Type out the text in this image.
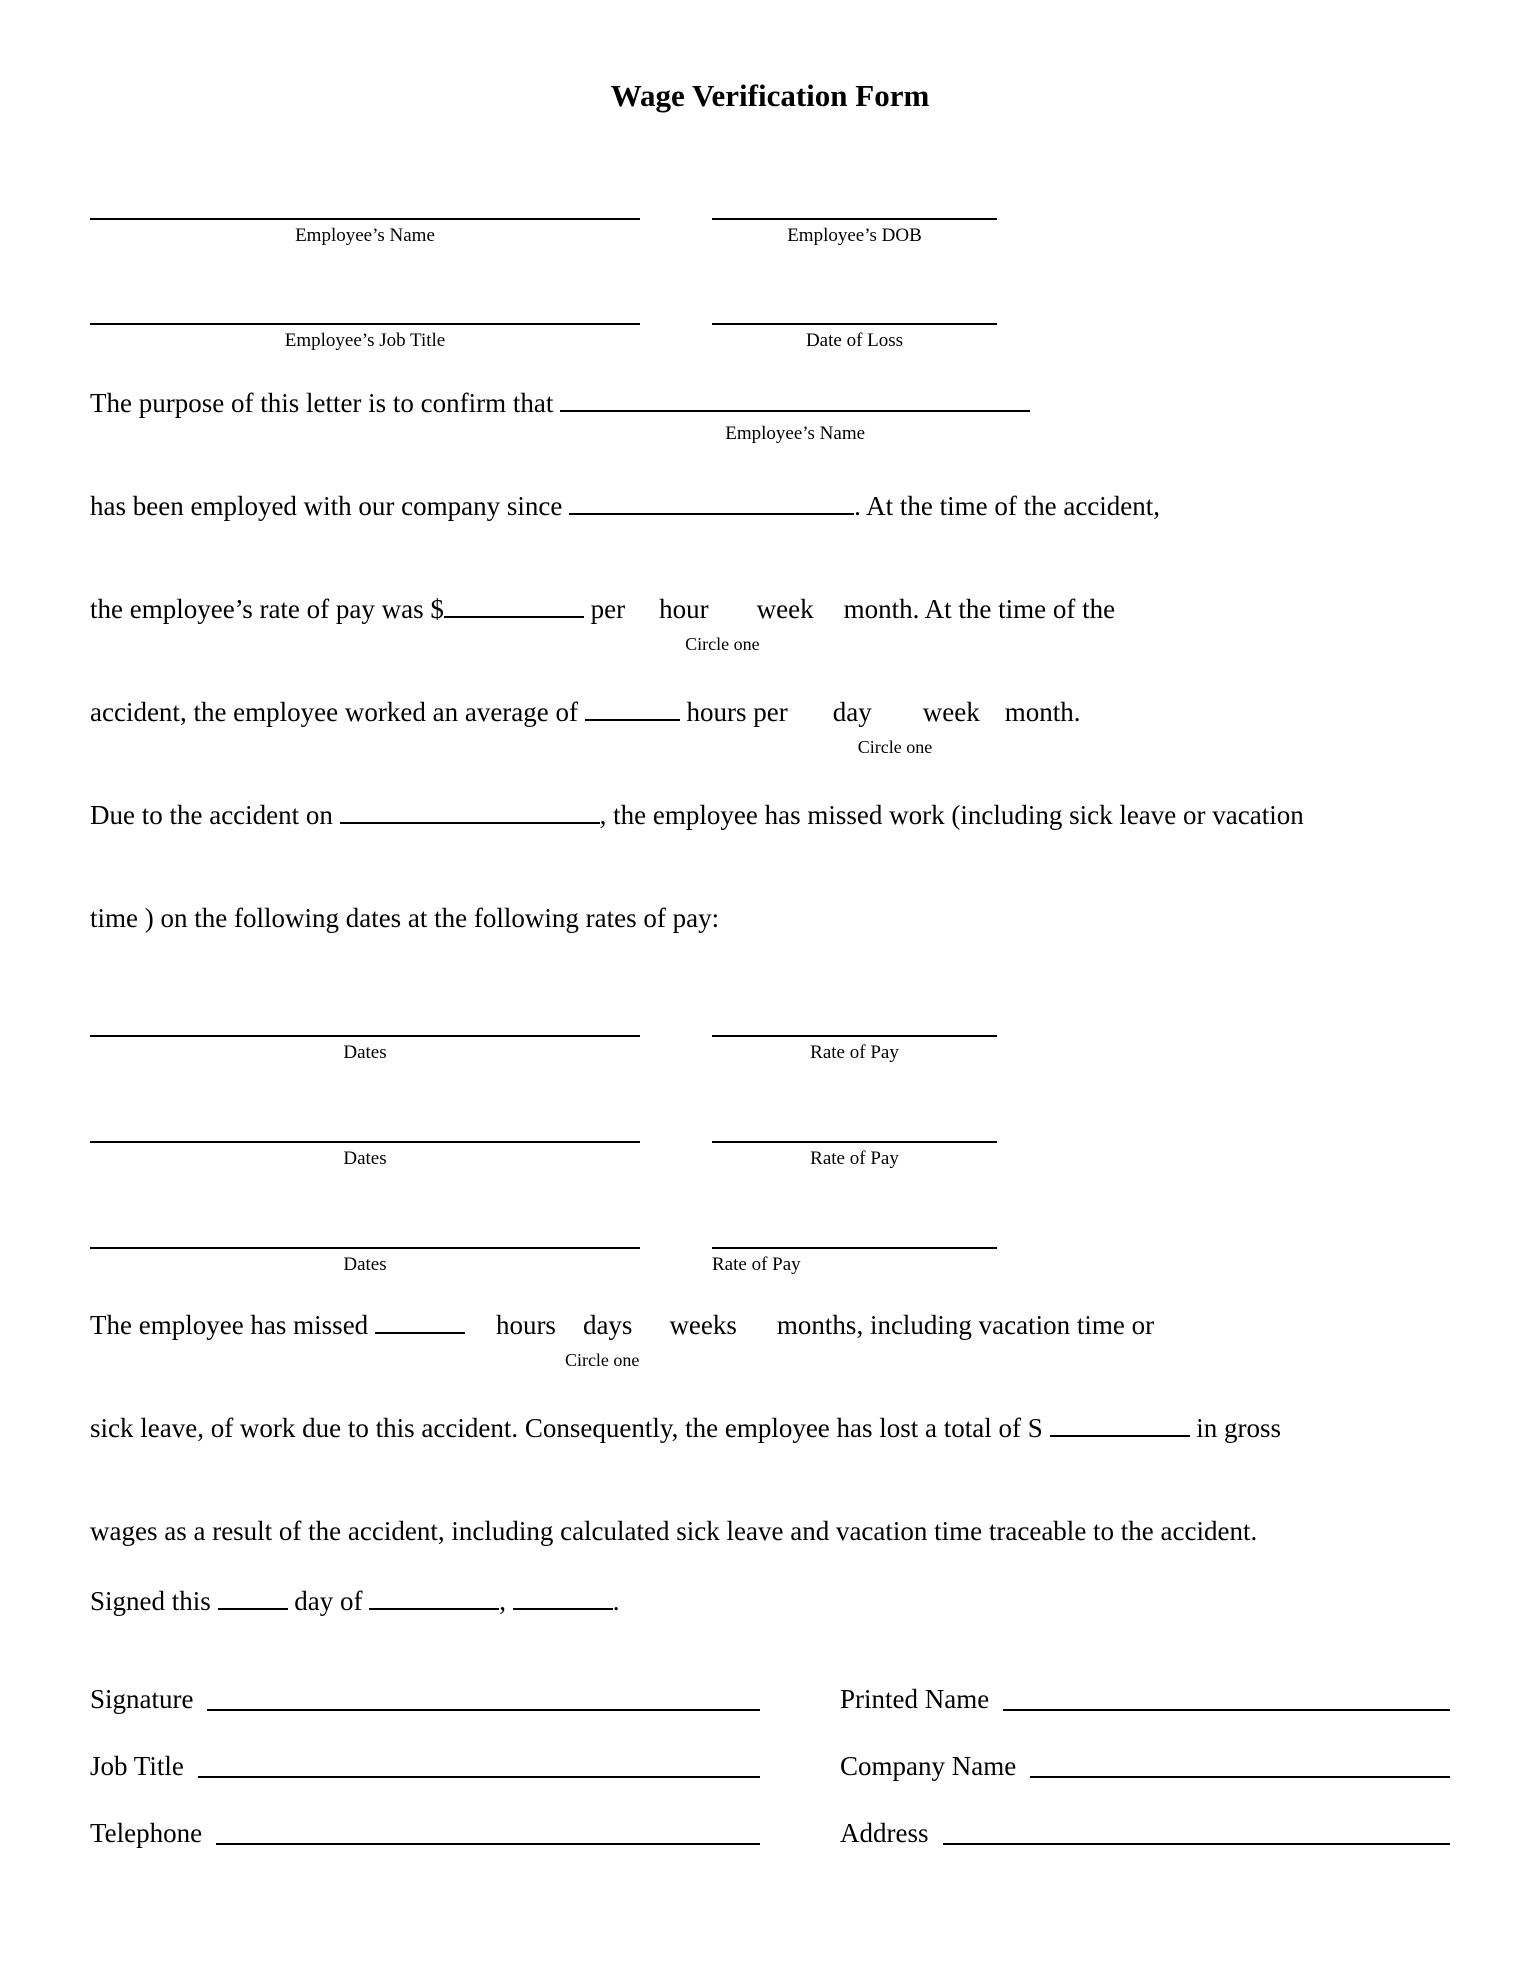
Wage Verification Form
Employee’s Name	Employee’s DOB
Employee’s Job Title	Date of Loss

The purpose of this letter is to confirm that
Employee’s Name

has been employed with our company since	. At the time of the accident,

the employee’s rate of pay was $	per hour week month. At the time of the
Circle one

accident, the employee worked an average of	hours per day week month.
Circle one

Due to the accident on	, the employee has missed work (including sick leave or vacation

time ) on the following dates at the following rates of pay:

Dates	Rate of Pay
Dates	Rate of Pay
Dates	Rate of Pay

The employee has missed	hours days weeks months, including vacation time or
Circle one

sick leave, of work due to this accident. Consequently, the employee has lost a total of S	in gross

wages as a result of the accident, including calculated sick leave and vacation time traceable to the accident.

Signed this	day of	,	.

Signature	Printed Name
Job Title	Company Name
Telephone	Address
